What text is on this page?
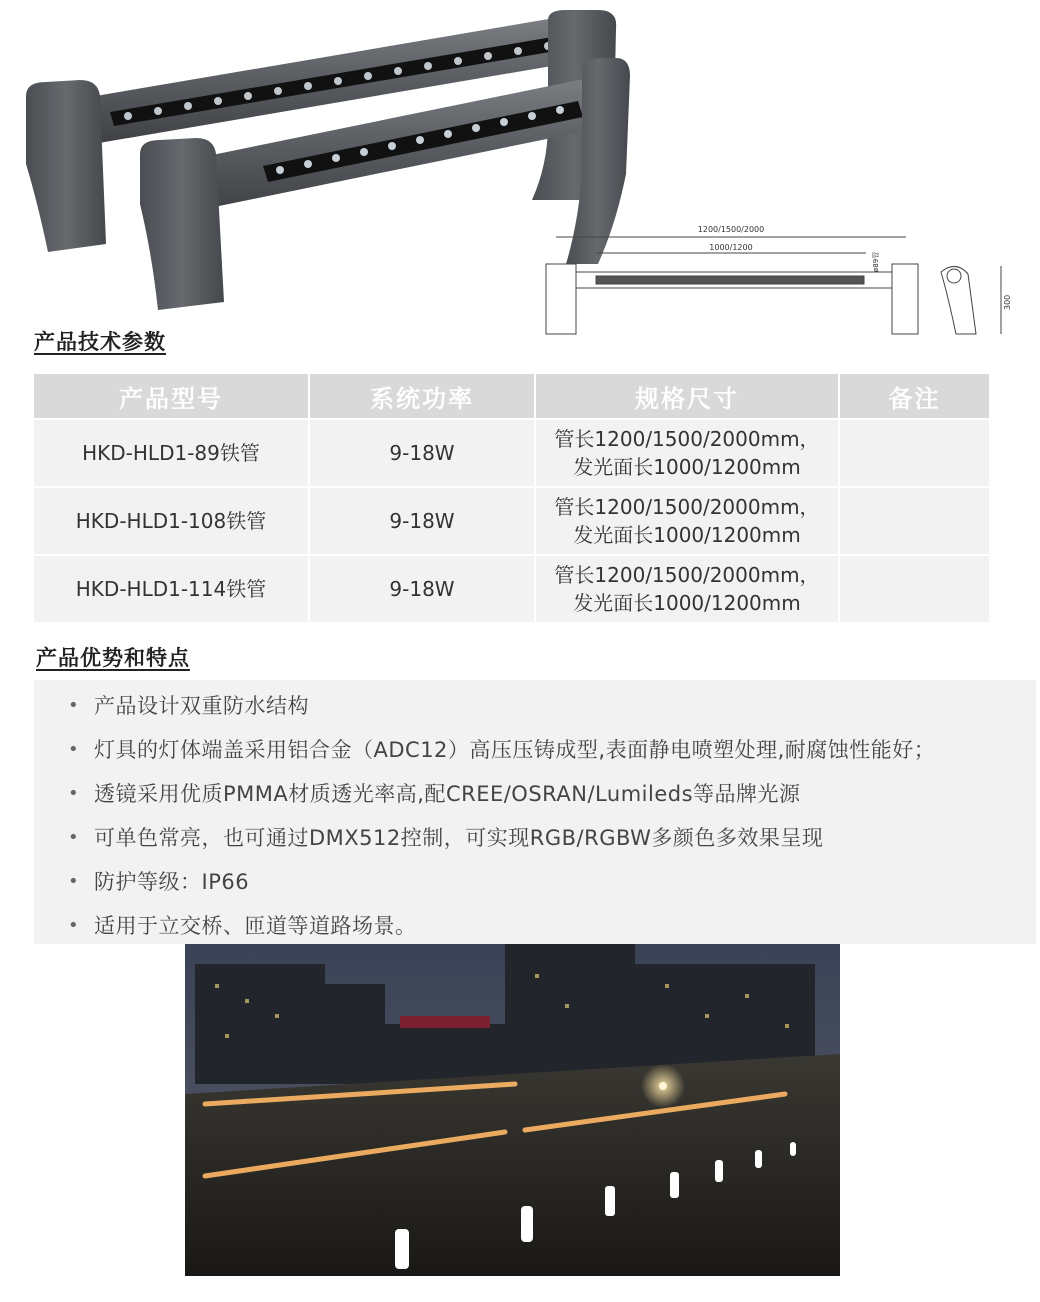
1200/1500/2000
1000/1200
ø89管
300
产品技术参数
产品型号	系统功率	规格尺寸	备注
HKD-HLD1-89铁管	9-18W	管长1200/1500/2000mm，
发光面长1000/1200mm	

HKD-HLD1-108铁管	9-18W	管长1200/1500/2000mm，
发光面长1000/1200mm	

HKD-HLD1-114铁管	9-18W	管长1200/1500/2000mm，
发光面长1000/1200mm	

产品优势和特点
• 产品设计双重防水结构
• 灯具的灯体端盖采用铝合金（ADC12）高压压铸成型,表面静电喷塑处理,耐腐蚀性能好；
• 透镜采用优质PMMA材质透光率高,配CREE/OSRAN/Lumileds等品牌光源
• 可单色常亮，也可通过DMX512控制，可实现RGB/RGBW多颜色多效果呈现
• 防护等级：IP66
• 适用于立交桥、匝道等道路场景。
